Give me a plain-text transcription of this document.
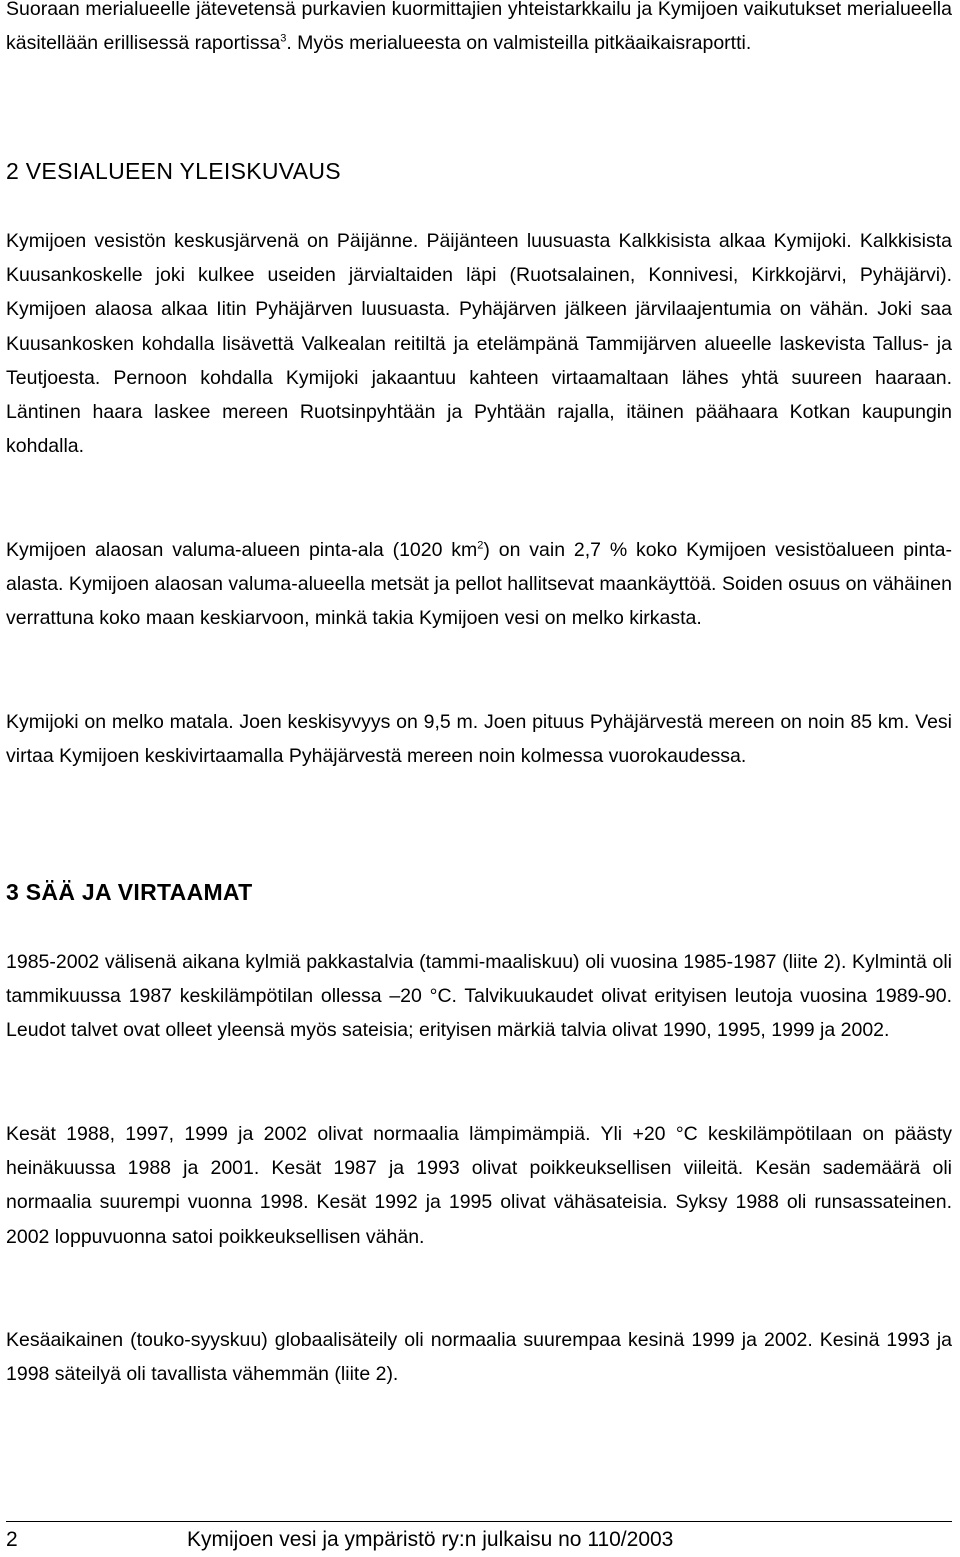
Suoraan merialueelle jätevetensä purkavien kuormittajien yhteistarkkailu ja Kymijoen vaikutukset merialueella käsitellään erillisessä raportissa$^3$. Myös merialueesta on valmisteilla pitkäaikaisraportti.

2 VESIALUEEN YLEISKUVAUS

Kymijoen vesistön keskusjärvenä on Päijänne. Päijänteen luusuasta Kalkkisista alkaa Kymijoki. Kalkkisista Kuusankoskelle joki kulkee useiden järvialtaiden läpi (Ruotsalainen, Konnivesi, Kirkkojärvi, Pyhäjärvi). Kymijoen alaosa alkaa Iitin Pyhäjärven luusuasta. Pyhäjärven jälkeen järvilaajentumia on vähän. Joki saa Kuusankosken kohdalla lisävettä Valkealan reitiltä ja etelämpänä Tammijärven alueelle laskevista Tallus- ja Teutjoesta. Pernoon kohdalla Kymijoki jakaantuu kahteen virtaamaltaan lähes yhtä suureen haaraan. Läntinen haara laskee mereen Ruotsinpyhtään ja Pyhtään rajalla, itäinen päähaara Kotkan kaupungin kohdalla.

Kymijoen alaosan valuma-alueen pinta-ala (1020 $km^2$) on vain 2,7 % koko Kymijoen vesistöalueen pinta-alasta. Kymijoen alaosan valuma-alueella metsät ja pellot hallitsevat maankäyttöä. Soiden osuus on vähäinen verrattuna koko maan keskiarvoon, minkä takia Kymijoen vesi on melko kirkasta.

Kymijoki on melko matala. Joen keskisyvyys on 9,5 m. Joen pituus Pyhäjärvestä mereen on noin 85 km. Vesi virtaa Kymijoen keskivirtaamalla Pyhäjärvestä mereen noin kolmessa vuorokaudessa.

3 SÄÄ JA VIRTAAMAT

1985-2002 välisenä aikana kylmiä pakkastalvia (tammi-maaliskuu) oli vuosina 1985-1987 (liite 2). Kylmintä oli tammikuussa 1987 keskilämpötilan ollessa –20 °C. Talvikuukaudet olivat erityisen leutoja vuosina 1989-90. Leudot talvet ovat olleet yleensä myös sateisia; erityisen märkiä talvia olivat 1990, 1995, 1999 ja 2002.

Kesät 1988, 1997, 1999 ja 2002 olivat normaalia lämpimämpiä. Yli +20 °C keskilämpötilaan on päästy heinäkuussa 1988 ja 2001. Kesät 1987 ja 1993 olivat poikkeuksellisen viileitä. Kesän sademäärä oli normaalia suurempi vuonna 1998. Kesät 1992 ja 1995 olivat vähäsateisia. Syksy 1988 oli runsassateinen. 2002 loppuvuonna satoi poikkeuksellisen vähän.

Kesäaikainen (touko-syyskuu) globaalisäteily oli normaalia suurempaa kesinä 1999 ja 2002. Kesinä 1993 ja 1998 säteilyä oli tavallista vähemmän (liite 2).

2	Kymijoen vesi ja ympäristö ry:n julkaisu no 110/2003
